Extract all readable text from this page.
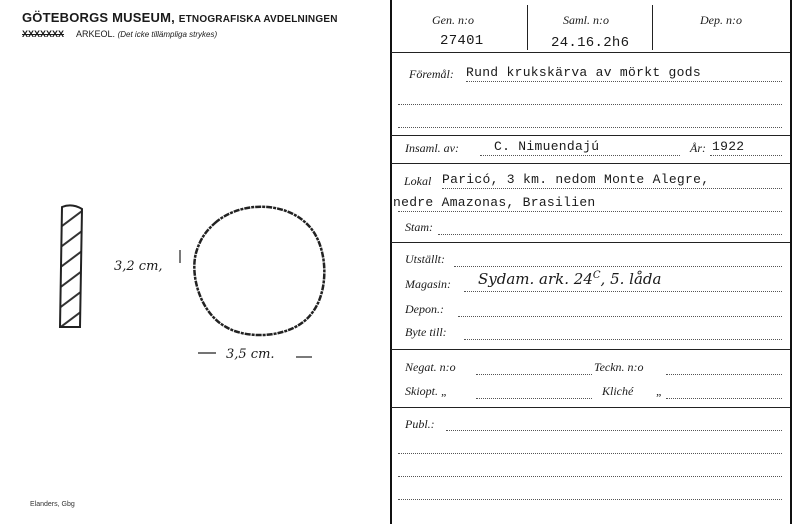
GÖTEBORGS MUSEUM, ETNOGRAFISKA AVDELNINGEN
XXXXXXX ARKEOL. (Det icke tillämpliga strykes)
3,2 cm,
3,5 cm.
Elanders, Gbg
Gen. n:o
27401
Saml. n:o
24.16.2h6
Dep. n:o
Föremål: Rund krukskärva av mörkt gods
Insaml. av:	C. Nimuendajú	År: 1922
Lokal Paricó, 3 km. nedom Monte Alegre,
nedre Amazonas, Brasilien
Stam:
Utställt:
Magasin: Sydam. ark. $24^C$, 5. låda
Depon.:
Byte till:
Negat. n:o	Teckn. n:o
Skiopt. „	Kliché „
Publ.:
